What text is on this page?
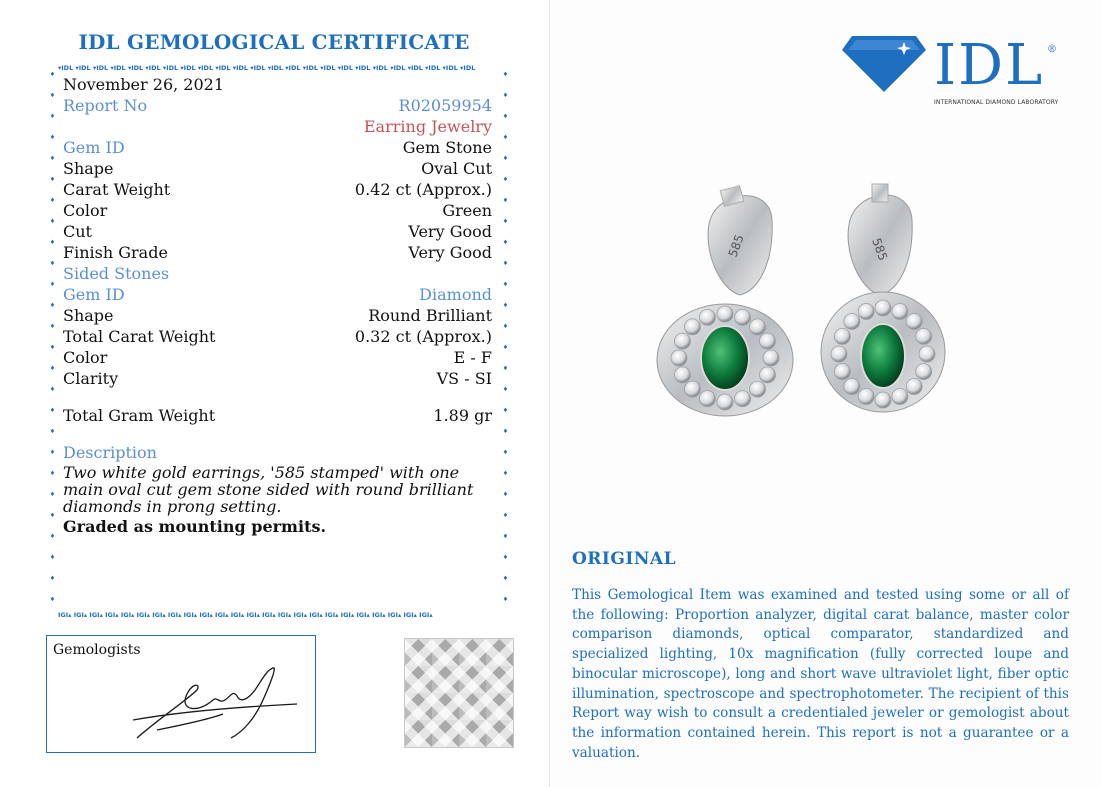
IDL GEMOLOGICAL CERTIFICATE
▾IDL ▾IDL ▾IDL ▾IDL ▾IDL ▾IDL ▾IDL ▾IDL ▾IDL ▾IDL ▾IDL ▾IDL ▾IDL ▾IDL ▾IDL ▾IDL ▾IDL ▾IDL ▾IDL ▾IDL ▾IDL ▾IDL ▾IDL ▾IDL
IGI▴ IGI▴ IGI▴ IGI▴ IGI▴ IGI▴ IGI▴ IGI▴ IGI▴ IGI▴ IGI▴ IGI▴ IGI▴ IGI▴ IGI▴ IGI▴ IGI▴ IGI▴ IGI▴ IGI▴ IGI▴ IGI▴ IGI▴ IGI▴
♦
♦
♦
♦
♦
♦
♦
♦
♦
♦
♦
♦
♦
♦
♦
♦
♦
♦
♦
♦
♦
♦
♦
♦
♦
♦
♦
♦
♦
♦
♦
♦
♦
♦
♦
♦
♦
♦
♦
♦
♦
♦
♦
♦
♦
♦
♦
♦
♦
♦
♦
♦
November 26, 2021
Report No	R02059954
Earring Jewelry
Gem ID	Gem Stone
Shape	Oval Cut
Carat Weight	0.42 ct (Approx.)
Color	Green
Cut	Very Good
Finish Grade	Very Good
Sided Stones
Gem ID	Diamond
Shape	Round Brilliant
Total Carat Weight	0.32 ct (Approx.)
Color	E - F
Clarity	VS - SI
Total Gram Weight	1.89 gr
Description
Two white gold earrings, '585 stamped' with one main oval cut gem stone sided with round brilliant diamonds in prong setting.
Graded as mounting permits.
Gemologists
IDL ®
INTERNATIONAL DIAMOND LABORATORY
585	585
ORIGINAL
This Gemological Item was examined and tested using some or all of the following: Proportion analyzer, digital carat balance, master color comparison diamonds, optical comparator, standardized and specialized lighting, 10x magnification (fully corrected loupe and binocular microscope), long and short wave ultraviolet light, fiber optic illumination, spectroscope and spectrophotometer. The recipient of this Report way wish to consult a credentialed jeweler or gemologist about the information contained herein. This report is not a guarantee or a valuation.
